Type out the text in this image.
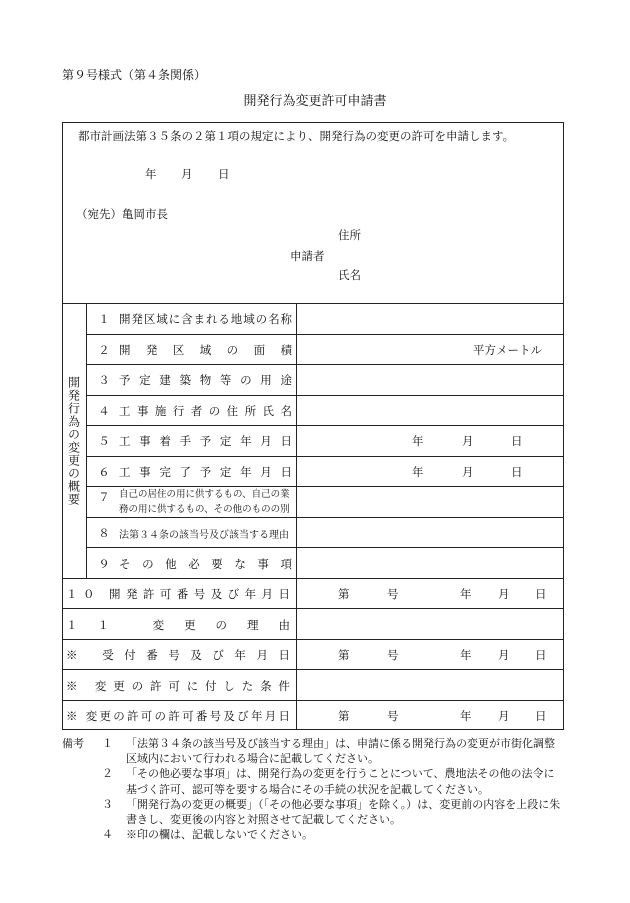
第９号様式（第４条関係）
開発行為変更許可申請書
都市計画法第３５条の２第１項の規定により、開発行為の変更の許可を申請します。
年 月 日
（宛先）亀岡市長
住所
申請者
氏名
開発行為の変更の概要
１ 開発区域に含まれる地域の名称
２ 開発区域の面積	平方メートル
３ 予定建築物等の用途
４ 工事施行者の住所氏名
５ 工事着手予定年月日	年	月	日
６ 工事完了予定年月日	年	月	日
７ 自己の居住の用に供するもの、自己の業
務の用に供するもの、その他のものの別
８ 法第３４条の該当号及び該当する理由
９ その他必要な事項
１０ 開発許可番号及び年月日	第	号	年 月 日
１１ 変更の理由
※ 受付番号及び年月日	第	号	年 月 日
※ 変更の許可に付した条件
※ 変更の許可の許可番号及び年月日	第	号	年 月 日
備考	１	「法第３４条の該当号及び該当する理由」は、申請に係る開発行為の変更が市街化調整区域内において行われる場合に記載してください。
２	「その他必要な事項」は、開発行為の変更を行うことについて、農地法その他の法令に基づく許可、認可等を要する場合にその手続の状況を記載してください。
３	「開発行為の変更の概要」（「その他必要な事項」を除く。）は、変更前の内容を上段に朱書きし、変更後の内容と対照させて記載してください。
４	※印の欄は、記載しないでください。
